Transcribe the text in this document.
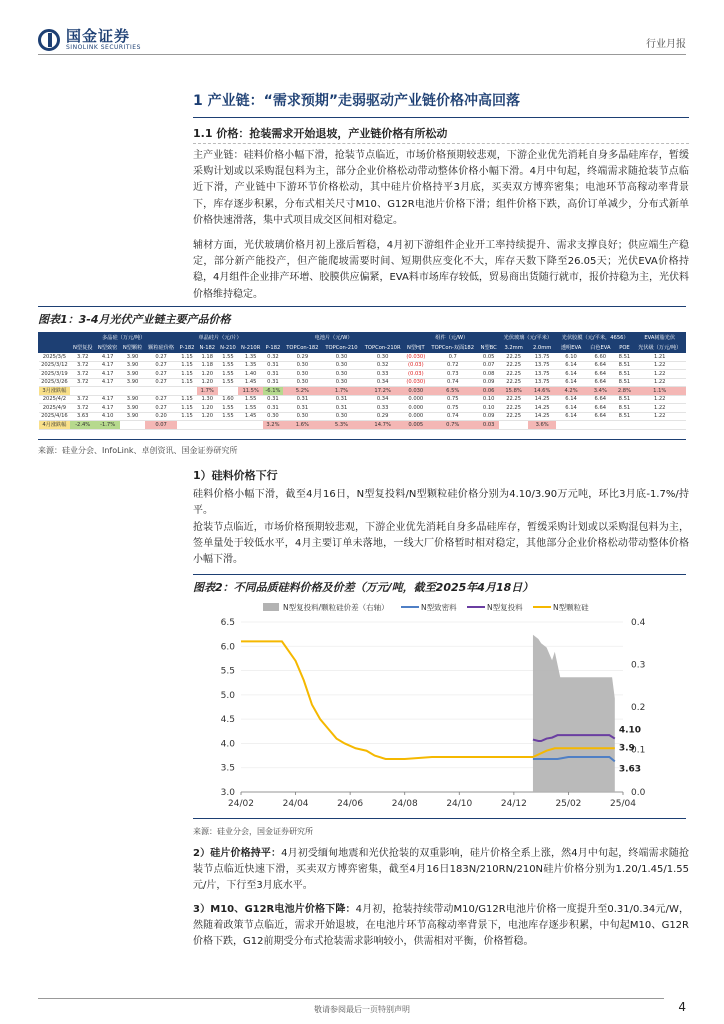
国金证券
SINOLINK SECURITIES	行业月报
1 产业链：“需求预期”走弱驱动产业链价格冲高回落
1.1 价格：抢装需求开始退坡，产业链价格有所松动
主产业链：硅料价格小幅下滑，抢装节点临近，市场价格预期较悲观，下游企业优先消耗自身多晶硅库存，暂缓采购计划或以采购混包料为主，部分企业价格松动带动整体价格小幅下滑。4月中旬起，终端需求随抢装节点临近下滑，产业链中下游环节价格松动，其中硅片价格持平3月底，买卖双方博弈密集；电池环节高稼动率背景下，库存逐步积累，分布式相关尺寸M10、G12R电池片价格下滑；组件价格下跌，高价订单减少，分布式新单价格快速滑落，集中式项目成交区间相对稳定。
辅材方面，光伏玻璃价格月初上涨后暂稳，4月初下游组件企业开工率持续提升、需求支撑良好；供应端生产稳定，部分新产能投产，但产能爬坡需要时间、短期供应变化不大，库存天数下降至26.05天；光伏EVA价格持稳，4月组件企业排产环增、胶膜供应偏紧，EVA料市场库存较低，贸易商出货随行就市，报价持稳为主，光伏料价格维持稳定。
图表1：3-4月光伏产业链主要产品价格
	多晶硅（万元/吨）				单晶硅片（元/片）				电池片（元/W）				组件（元/W）			光伏玻璃（元/平米）		光伏胶膜（元/平米，4656）			EVA树脂光伏
	N型复投	N型致密	N型颗粒	颗粒硅价格	P-182	N-182	N-210	N-210R	P-182	TOPCon-182	TOPCon-210	TOPCon-210R	N型HJT	TOPCon-双面182	N型BC	3.2mm	2.0mm	透明EVA	白色EVA	POE	光伏级（万元/吨）
2025/3/5	3.72	4.17	3.90	0.27	1.15	1.18	1.55	1.35	0.32	0.29	0.30	0.30	(0.030)	0.7	0.05	22.25	13.75	6.10	6.60	8.51	1.21
2025/3/12	3.72	4.17	3.90	0.27	1.15	1.18	1.55	1.35	0.31	0.30	0.30	0.32	(0.03)	0.72	0.07	22.25	13.75	6.14	6.64	8.51	1.22
2025/3/19	3.72	4.17	3.90	0.27	1.15	1.20	1.55	1.40	0.31	0.30	0.30	0.33	(0.03)	0.73	0.08	22.25	13.75	6.14	6.64	8.51	1.22
2025/3/26	3.72	4.17	3.90	0.27	1.15	1.20	1.55	1.45	0.31	0.30	0.30	0.34	(0.030)	0.74	0.09	22.25	13.75	6.14	6.64	8.51	1.22
3月涨跌幅						1.7%		11.5%	-6.1%	5.2%	1.7%	17.2%	0.030	6.5%	0.06	15.8%	14.6%	4.2%	3.4%	2.8%	1.1%
2025/4/2	3.72	4.17	3.90	0.27	1.15	1.30	1.60	1.55	0.31	0.31	0.31	0.34	0.000	0.75	0.10	22.25	14.25	6.14	6.64	8.51	1.22
2025/4/9	3.72	4.17	3.90	0.27	1.15	1.20	1.55	1.55	0.31	0.31	0.31	0.33	0.000	0.75	0.10	22.25	14.25	6.14	6.64	8.51	1.22
2025/4/16	3.63	4.10	3.90	0.20	1.15	1.20	1.55	1.45	0.30	0.30	0.30	0.29	0.000	0.74	0.09	22.25	14.25	6.14	6.64	8.51	1.22
4月涨跌幅	-2.4%	-1.7%		0.07					3.2%	1.6%	5.3%	14.7%	0.005	0.7%	0.03		3.6%				
来源：硅业分会、InfoLink、卓创资讯、国金证券研究所
1）硅料价格下行
硅料价格小幅下滑，截至4月16日，N型复投料/N型颗粒硅价格分别为4.10/3.90万元吨，环比3月底-1.7%/持平。
抢装节点临近，市场价格预期较悲观，下游企业优先消耗自身多晶硅库存，暂缓采购计划或以采购混包料为主，签单量处于较低水平，4月主要订单未落地，一线大厂价格暂时相对稳定，其他部分企业价格松动带动整体价格小幅下滑。
图表2：不同品质硅料价格及价差（万元/吨，截至2025年4月18日）
3.0
3.5
4.0
4.5
5.0
5.5
6.0
6.5
0.0
0.1
0.2
0.3
0.4
24/02	24/04	24/06	24/08	24/10	24/12	25/02	25/04
N型复投料/颗粒硅价差（右轴）	N型致密料	N型复投料	N型颗粒硅
4.10
3.9
3.63
来源：硅业分会，国金证券研究所
2）硅片价格持平：4月初受缅甸地震和光伏抢装的双重影响，硅片价格全系上涨，然4月中旬起，终端需求随抢装节点临近快速下滑，买卖双方博弈密集，截至4月16日183N/210RN/210N硅片价格分别为1.20/1.45/1.55元/片，下行至3月底水平。
3）M10、G12R电池片价格下降：4月初，抢装持续带动M10/G12R电池片价格一度提升至0.31/0.34元/W，然随着政策节点临近，需求开始退坡，在电池片环节高稼动率背景下，电池库存逐步积累，中旬起M10、G12R价格下跌，G12前期受分布式抢装需求影响较小，供需相对平衡，价格暂稳。
敬请参阅最后一页特别声明	4
